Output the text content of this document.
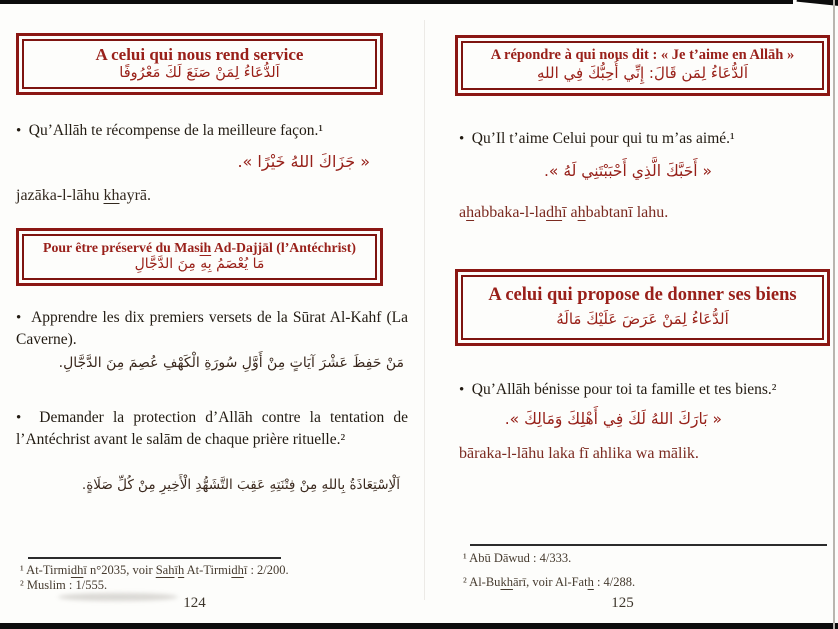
A celui qui nous rend service
اَلدُّعَاءُ لِمَنْ صَنَعَ لَكَ مَعْرُوفًا
•  Qu’Allāh te récompense de la meilleure façon.¹
« جَزَاكَ اللهُ خَيْرًا ».
jazāka-l-lāhu khayrā.
Pour être préservé du Masih Ad-Dajjāl (l’Antéchrist)
مَا يُعْصَمُ بِهِ مِنَ الدَّجَّالِ
•  Apprendre les dix premiers versets de la Sūrat Al-Kahf (La Caverne).
مَنْ حَفِظَ عَشْرَ آيَاتٍ مِنْ أَوَّلِ سُورَةِ الْكَهْفِ عُصِمَ مِنَ الدَّجَّالِ.
•  Demander la protection d’Allāh contre la tentation de l’Antéchrist avant le salām de chaque prière rituelle.²
اَلْاِسْتِعَاذَةُ بِاللهِ مِنْ فِتْنَتِهِ عَقِبَ التَّشَهُّدِ الْأَخِيرِ مِنْ كُلِّ صَلَاةٍ.
¹ At-Tirmidhī n°2035, voir Sahīh At-Tirmidhī : 2/200.
² Muslim : 1/555.
124
A répondre à qui nous dit : « Je t’aime en Allāh »
اَلدُّعَاءُ لِمَن قَالَ: إِنِّي أُحِبُّكَ فِي اللهِ
•  Qu’Il t’aime Celui pour qui tu m’as aimé.¹
« أَحَبَّكَ الَّذِي أَحْبَبْتَنِي لَهُ ».
ahabbaka-l-ladhī ahbabtanī lahu.
A celui qui propose de donner ses biens
اَلدُّعَاءُ لِمَنْ عَرَضَ عَلَيْكَ مَالَهُ
•  Qu’Allāh bénisse pour toi ta famille et tes biens.²
« بَارَكَ اللهُ لَكَ فِي أَهْلِكَ وَمَالِكَ ».
bāraka-l-lāhu laka fī ahlika wa mālik.
¹ Abū Dāwud : 4/333.
² Al-Bukhārī, voir Al-Fath : 4/288.
125
